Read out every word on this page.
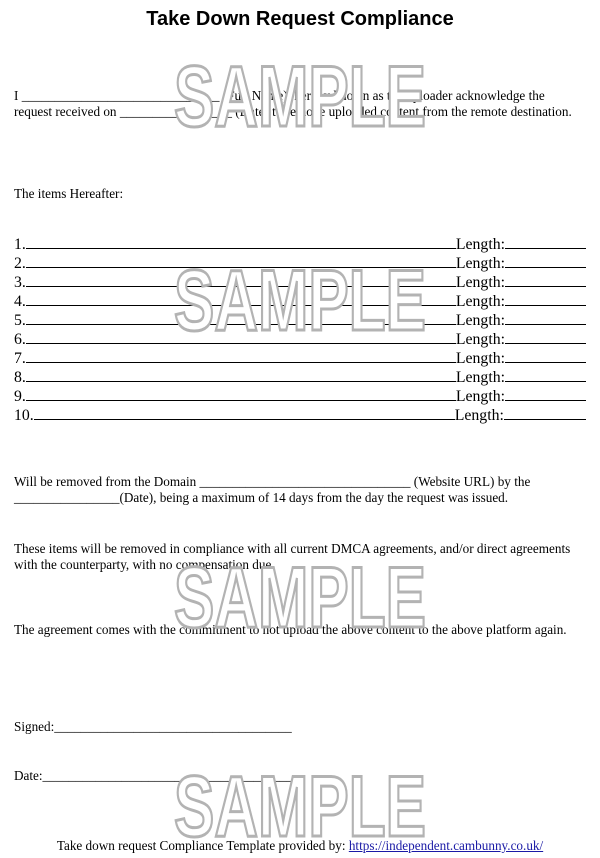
Take Down Request Compliance

I ______________________________ (Full Name), hereby known as the uploader acknowledge the request received on _________________ (Date) to remove uploaded content from the remote destination.

The items Hereafter:

1.	Length:
2.	Length:
3.	Length:
4.	Length:
5.	Length:
6.	Length:
7.	Length:
8.	Length:
9.	Length:
10.	Length:

Will be removed from the Domain ________________________________ (Website URL) by the ________________(Date), being a maximum of 14 days from the day the request was issued.

These items will be removed in compliance with all current DMCA agreements, and/or direct agreements with the counterparty, with no compensation due.

The agreement comes with the commitment to not upload the above content to the above platform again.

Signed:____________________________________

Date:______________________________________

Take down request Compliance Template provided by: https://independent.cambunny.co.uk/

SAMPLE
SAMPLE
SAMPLE
SAMPLE
